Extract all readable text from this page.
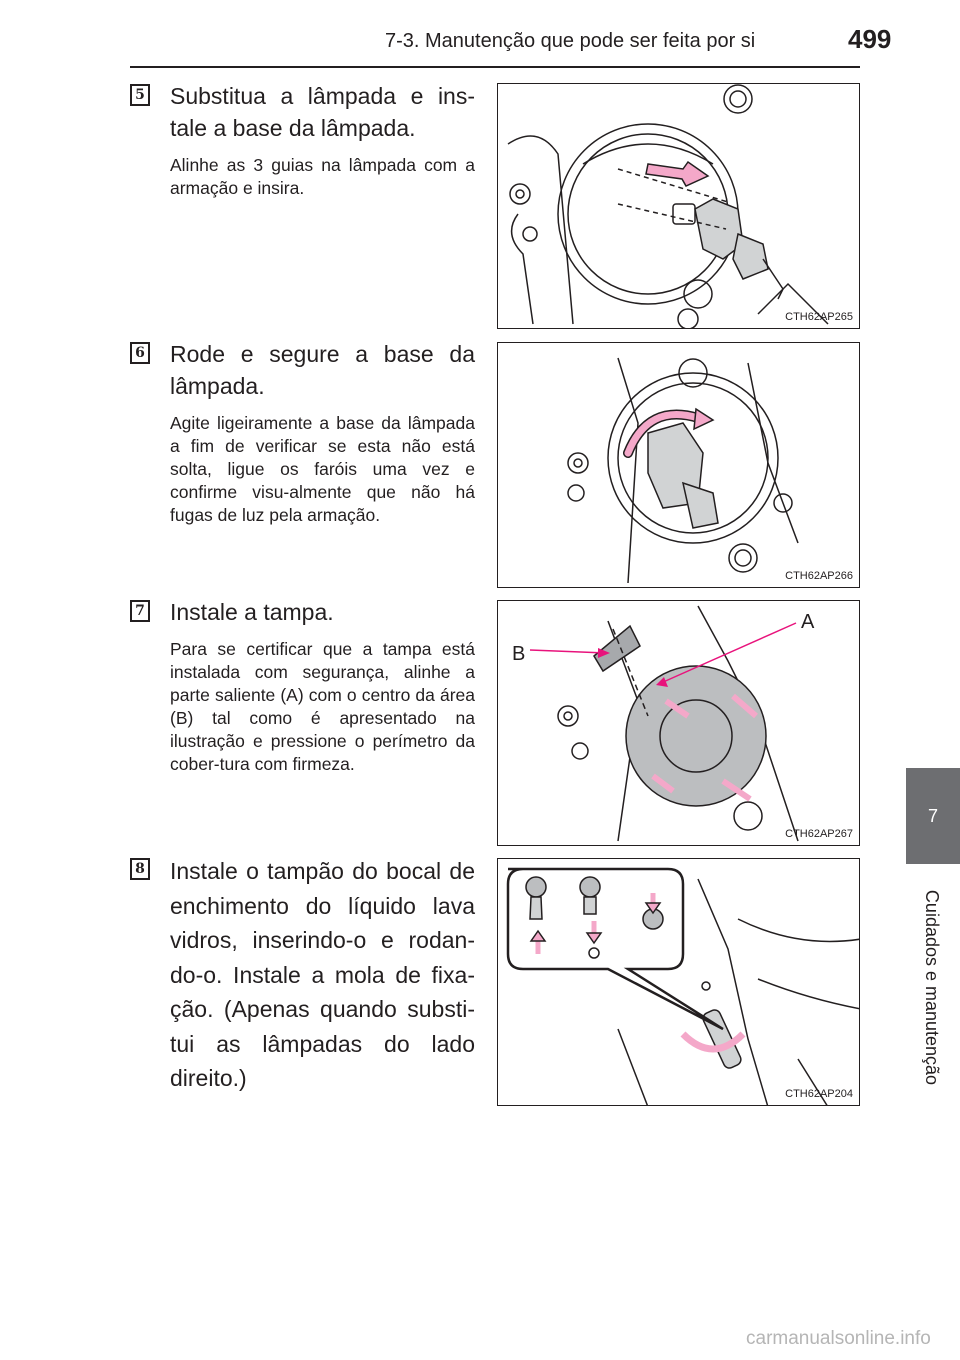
7-3. Manutenção que pode ser feita por si	499
7
Cuidados e manutenção
5 Substitua a lâmpada e ins-tale a base da lâmpada.
Alinhe as 3 guias na lâmpada com a armação e insira.
CTH62AP265
6 Rode e segure a base da lâmpada.
Agite ligeiramente a base da lâmpada a fim de verificar se esta não está solta, ligue os faróis uma vez e confirme visu-almente que não há fugas de luz pela armação.
CTH62AP266
7 Instale a tampa.
Para se certificar que a tampa está instalada com segurança, alinhe a parte saliente (A) com o centro da área (B) tal como é apresentado na ilustração e pressione o perímetro da cober-tura com firmeza.
B
A
CTH62AP267
8 Instale o tampão do bocal de enchimento do líquido lava vidros, inserindo-o e rodan-do-o. Instale a mola de fixa-ção. (Apenas quando substi-tui as lâmpadas do lado direito.)
CTH62AP204
carmanualsonline.info
